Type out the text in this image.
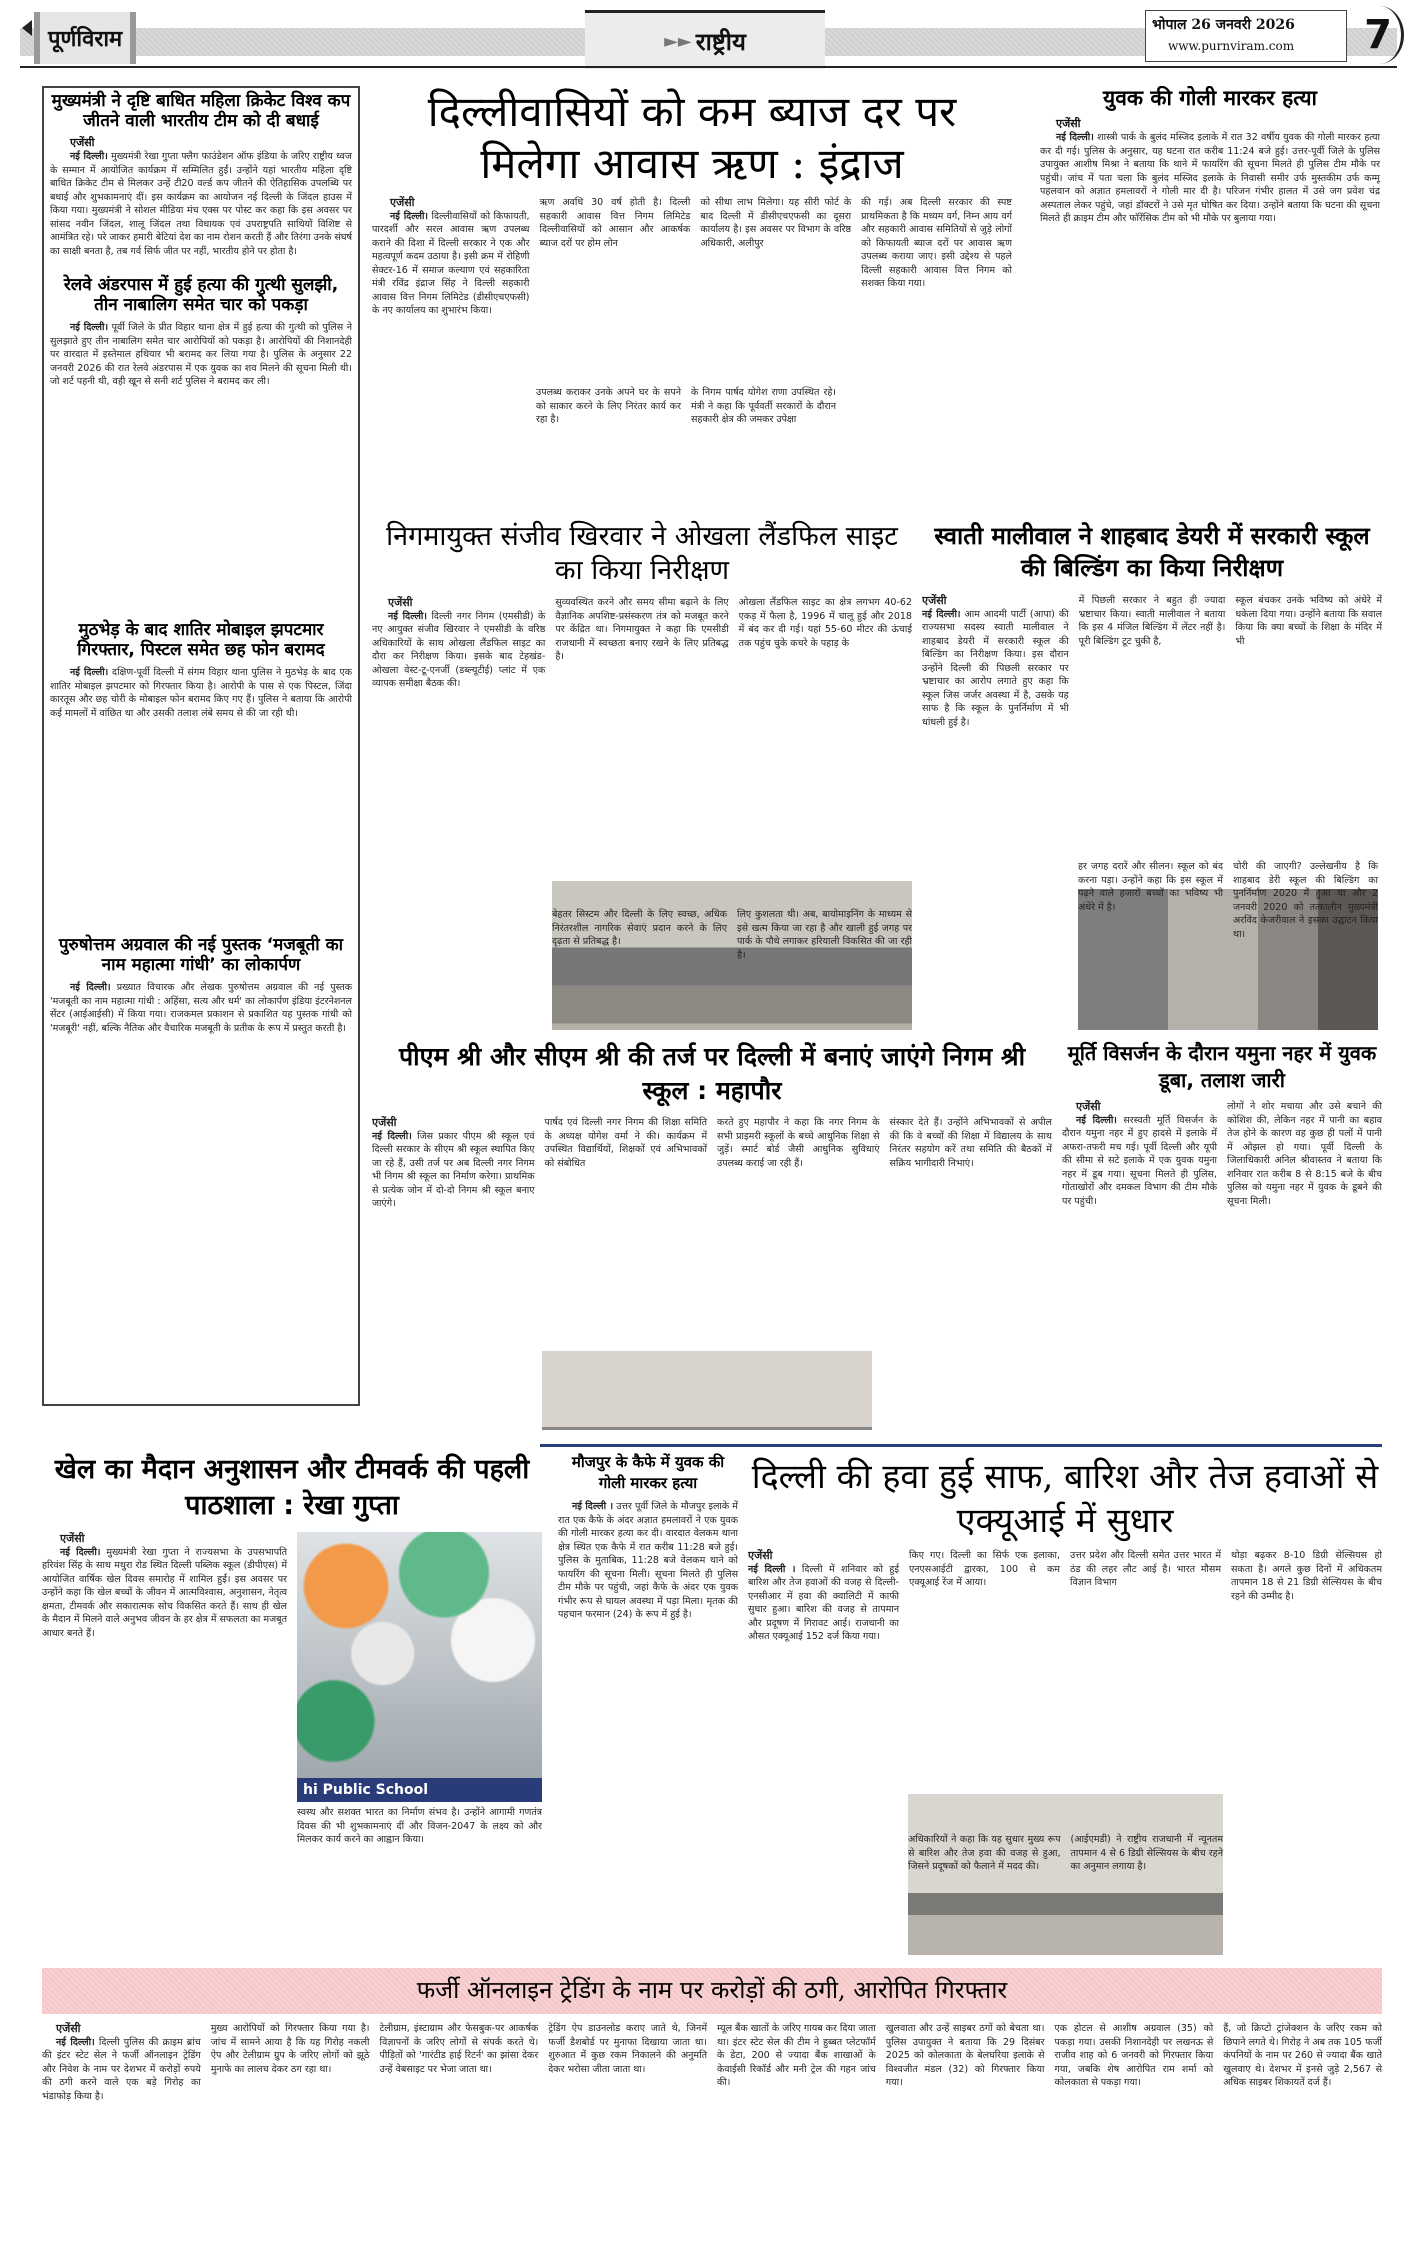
पूर्णविराम	►► राष्ट्रीय
भोपाल 26 जनवरी 2026
www.purnviram.com 7
मुख्यमंत्री ने दृष्टि बाधित महिला क्रिकेट विश्व कप जीतने वाली भारतीय टीम को दी बधाई
एजेंसी
नई दिल्ली। मुख्यमंत्री रेखा गुप्ता फ्लैग फाउंडेशन ऑफ इंडिया के जरिए राष्ट्रीय ध्वज के सम्मान में आयोजित कार्यक्रम में सम्मिलित हुईं। उन्होंने यहां भारतीय महिला दृष्टि बाधित क्रिकेट टीम से मिलकर उन्हें टी20 वर्ल्ड कप जीतने की ऐतिहासिक उपलब्धि पर बधाई और शुभकामनाएं दीं। इस कार्यक्रम का आयोजन नई दिल्ली के जिंदल हाउस में किया गया। मुख्यमंत्री ने सोशल मीडिया मंच एक्स पर पोस्ट कर कहा कि इस अवसर पर सांसद नवीन जिंदल, शालू जिंदल तथा विधायक एवं उपराष्ट्रपति साथियों विशिष्ट से आमंत्रित रहे। परे जाकर हमारी बेटियां देश का नाम रोशन करती हैं और तिरंगा उनके संघर्ष का साक्षी बनता है, तब गर्व सिर्फ जीत पर नहीं, भारतीय होने पर होता है।
रेलवे अंडरपास में हुई हत्या की गुत्थी सुलझी, तीन नाबालिग समेत चार को पकड़ा
नई दिल्ली। पूर्वी जिले के प्रीत विहार थाना क्षेत्र में हुई हत्या की गुत्थी को पुलिस ने सुलझाते हुए तीन नाबालिग समेत चार आरोपियों को पकड़ा है। आरोपियों की निशानदेही पर वारदात में इस्तेमाल हथियार भी बरामद कर लिया गया है। पुलिस के अनुसार 22 जनवरी 2026 की रात रेलवे अंडरपास में एक युवक का शव मिलने की सूचना मिली थी। जो शर्ट पहनी थी, वही खून से सनी शर्ट पुलिस ने बरामद कर ली।
मुठभेड़ के बाद शातिर मोबाइल झपटमार गिरफ्तार, पिस्टल समेत छह फोन बरामद
नई दिल्ली। दक्षिण-पूर्वी दिल्ली में संगम विहार थाना पुलिस ने मुठभेड़ के बाद एक शातिर मोबाइल झपटमार को गिरफ्तार किया है। आरोपी के पास से एक पिस्टल, जिंदा कारतूस और छह चोरी के मोबाइल फोन बरामद किए गए हैं। पुलिस ने बताया कि आरोपी कई मामलों में वांछित था और उसकी तलाश लंबे समय से की जा रही थी।
पुरुषोत्तम अग्रवाल की नई पुस्तक ‘मजबूती का नाम महात्मा गांधी’ का लोकार्पण
नई दिल्ली। प्रख्यात विचारक और लेखक पुरुषोत्तम अग्रवाल की नई पुस्तक 'मजबूती का नाम महात्मा गांधी : अहिंसा, सत्य और धर्म' का लोकार्पण इंडिया इंटरनेशनल सेंटर (आईआईसी) में किया गया। राजकमल प्रकाशन से प्रकाशित यह पुस्तक गांधी को 'मजबूरी' नहीं, बल्कि नैतिक और वैचारिक मजबूती के प्रतीक के रूप में प्रस्तुत करती है।
दिल्लीवासियों को कम ब्याज दर पर मिलेगा आवास ऋण : इंद्राज
एजेंसी
नई दिल्ली। दिल्लीवासियों को किफायती, पारदर्शी और सरल आवास ऋण उपलब्ध कराने की दिशा में दिल्ली सरकार ने एक और महत्वपूर्ण कदम उठाया है। इसी क्रम में रोहिणी सेक्टर-16 में समाज कल्याण एवं सहकारिता मंत्री रविंद्र इंद्राज सिंह ने दिल्ली सहकारी आवास वित्त निगम लिमिटेड (डीसीएचएफसी) के नए कार्यालय का शुभारंभ किया।
ऋण अवधि 30 वर्ष होती है। दिल्ली सहकारी आवास वित्त निगम लिमिटेड दिल्लीवासियों को आसान और आकर्षक ब्याज दरों पर होम लोन
को सीधा लाभ मिलेगा। यह सीरी फोर्ट के बाद दिल्ली में डीसीएचएफसी का दूसरा कार्यालय है। इस अवसर पर विभाग के वरिष्ठ अधिकारी, अलीपुर
की गई। अब दिल्ली सरकार की स्पष्ट प्राथमिकता है कि मध्यम वर्ग, निम्न आय वर्ग और सहकारी आवास समितियों से जुड़े लोगों को किफायती ब्याज दरों पर आवास ऋण उपलब्ध कराया जाए। इसी उद्देश्य से पहले दिल्ली सहकारी आवास वित्त निगम को सशक्त किया गया।
उपलब्ध कराकर उनके अपने घर के सपने को साकार करने के लिए निरंतर कार्य कर रहा है।
के निगम पार्षद योगेश राणा उपस्थित रहे। मंत्री ने कहा कि पूर्ववर्ती सरकारों के दौरान सहकारी क्षेत्र की जमकर उपेक्षा
युवक की गोली मारकर हत्या
एजेंसी
नई दिल्ली। शास्त्री पार्क के बुलंद मस्जिद इलाके में रात 32 वर्षीय युवक की गोली मारकर हत्या कर दी गई। पुलिस के अनुसार, यह घटना रात करीब 11:24 बजे हुई। उत्तर-पूर्वी जिले के पुलिस उपायुक्त आशीष मिश्रा ने बताया कि थाने में फायरिंग की सूचना मिलते ही पुलिस टीम मौके पर पहुंची। जांच में पता चला कि बुलंद मस्जिद इलाके के निवासी समीर उर्फ मुस्तकीम उर्फ कम्मू पहलवान को अज्ञात हमलावरों ने गोली मार दी है। परिजन गंभीर हालत में उसे जग प्रवेश चंद्र अस्पताल लेकर पहुंचे, जहां डॉक्टरों ने उसे मृत घोषित कर दिया। उन्होंने बताया कि घटना की सूचना मिलते ही क्राइम टीम और फॉरेंसिक टीम को भी मौके पर बुलाया गया।
निगमायुक्त संजीव खिरवार ने ओखला लैंडफिल साइट का किया निरीक्षण
एजेंसी
नई दिल्ली। दिल्ली नगर निगम (एमसीडी) के नए आयुक्त संजीव खिरवार ने एमसीडी के वरिष्ठ अधिकारियों के साथ ओखला लैंडफिल साइट का दौरा कर निरीक्षण किया। इसके बाद टेहखंड-ओखला वेस्ट-टू-एनर्जी (डब्ल्यूटीई) प्लांट में एक व्यापक समीक्षा बैठक की।
सुव्यवस्थित करने और समय सीमा बढ़ाने के लिए वैज्ञानिक अपशिष्ट-प्रसंस्करण तंत्र को मजबूत करने पर केंद्रित था। निगमायुक्त ने कहा कि एमसीडी राजधानी में स्वच्छता बनाए रखने के लिए प्रतिबद्ध है।
ओखला लैंडफिल साइट का क्षेत्र लगभग 40-62 एकड़ में फैला है, 1996 में चालू हुई और 2018 में बंद कर दी गई। यहां 55-60 मीटर की ऊंचाई तक पहुंच चुके कचरे के पहाड़ के
बेहतर सिस्टम और दिल्ली के लिए स्वच्छ, अधिक निरंतरशील नागरिक सेवाएं प्रदान करने के लिए दृढ़ता से प्रतिबद्ध है।
लिए कुशलता थी। अब, बायोमाइनिंग के माध्यम से इसे खत्म किया जा रहा है और खाली हुई जगह पर पार्क के पौधे लगाकर हरियाली विकसित की जा रही है।
स्वाती मालीवाल ने शाहबाद डेयरी में सरकारी स्कूल की बिल्डिंग का किया निरीक्षण
एजेंसी
नई दिल्ली। आम आदमी पार्टी (आपा) की राज्यसभा सदस्य स्वाती मालीवाल ने शाहबाद डेयरी में सरकारी स्कूल की बिल्डिंग का निरीक्षण किया। इस दौरान उन्होंने दिल्ली की पिछली सरकार पर भ्रष्टाचार का आरोप लगाते हुए कहा कि स्कूल जिस जर्जर अवस्था में है, उसके यह साफ है कि स्कूल के पुनर्निर्माण में भी धांधली हुई है।
में पिछली सरकार ने बहुत ही ज्यादा भ्रष्टाचार किया। स्वाती मालीवाल ने बताया कि इस 4 मंजिल बिल्डिंग में लेंटर नहीं है। पूरी बिल्डिंग टूट चुकी है,
स्कूल बंचकर उनके भविष्य को अंधेरे में धकेला दिया गया। उन्होंने बताया कि सवाल किया कि क्या बच्चों के शिक्षा के मंदिर में भी
हर जगह दरारें और सीलन। स्कूल को बंद करना पड़ा। उन्होंने कहा कि इस स्कूल में पढ़ने वाले हजारों बच्चों का भविष्य भी अंधेरे में है।
चोरी की जाएगी? उल्लेखनीय है कि शाहबाद डेरी स्कूल की बिल्डिंग का पुनर्निर्माण 2020 में हुआ था और 2 जनवरी 2020 को तत्कालीन मुख्यमंत्री अरविंद केजरीवाल ने इसका उद्घाटन किया था।
पीएम श्री और सीएम श्री की तर्ज पर दिल्ली में बनाएं जाएंगे निगम श्री स्कूल : महापौर
एजेंसी
नई दिल्ली। जिस प्रकार पीएम श्री स्कूल एवं दिल्ली सरकार के सीएम श्री स्कूल स्थापित किए जा रहे हैं, उसी तर्ज पर अब दिल्ली नगर निगम भी निगम श्री स्कूल का निर्माण करेगा। प्राथमिक से प्रत्येक जोन में दो-दो निगम श्री स्कूल बनाए जाएंगे।
पार्षद एवं दिल्ली नगर निगम की शिक्षा समिति के अध्यक्ष योगेश वर्मा ने की। कार्यक्रम में उपस्थित विद्यार्थियों, शिक्षकों एवं अभिभावकों को संबोधित
करते हुए महापौर ने कहा कि नगर निगम के सभी प्राइमरी स्कूलों के बच्चे आधुनिक शिक्षा से जुड़ें। स्मार्ट बोर्ड जैसी आधुनिक सुविधाएं उपलब्ध कराई जा रही हैं।
संस्कार देते हैं। उन्होंने अभिभावकों से अपील की कि वे बच्चों की शिक्षा में विद्यालय के साथ निरंतर सहयोग करें तथा समिति की बैठकों में सक्रिय भागीदारी निभाएं।
मूर्ति विसर्जन के दौरान यमुना नहर में युवक डूबा, तलाश जारी
एजेंसी
नई दिल्ली। सरस्वती मूर्ति विसर्जन के दौरान यमुना नहर में हुए हादसे में इलाके में अफरा-तफरी मच गई। पूर्वी दिल्ली और यूपी की सीमा से सटे इलाके में एक युवक यमुना नहर में डूब गया। सूचना मिलते ही पुलिस, गोताखोरों और दमकल विभाग की टीम मौके पर पहुंची।
लोगों ने शोर मचाया और उसे बचाने की कोशिश की, लेकिन नहर में पानी का बहाव तेज होने के कारण वह कुछ ही पलों में पानी में ओझल हो गया। पूर्वी दिल्ली के जिलाधिकारी अनिल श्रीवास्तव ने बताया कि शनिवार रात करीब 8 से 8:15 बजे के बीच पुलिस को यमुना नहर में युवक के डूबने की सूचना मिली।
खेल का मैदान अनुशासन और टीमवर्क की पहली पाठशाला : रेखा गुप्ता
एजेंसी
नई दिल्ली। मुख्यमंत्री रेखा गुप्ता ने राज्यसभा के उपसभापति हरिवंश सिंह के साथ मथुरा रोड स्थित दिल्ली पब्लिक स्कूल (डीपीएस) में आयोजित वार्षिक खेल दिवस समारोह में शामिल हुईं। इस अवसर पर उन्होंने कहा कि खेल बच्चों के जीवन में आत्मविश्वास, अनुशासन, नेतृत्व क्षमता, टीमवर्क और सकारात्मक सोच विकसित करते हैं। साथ ही खेल के मैदान में मिलने वाले अनुभव जीवन के हर क्षेत्र में सफलता का मजबूत आधार बनते हैं।
hi Public School
स्वस्थ और सशक्त भारत का निर्माण संभव है। उन्होंने आगामी गणतंत्र दिवस की भी शुभकामनाएं दीं और विजन-2047 के लक्ष्य को और मिलकर कार्य करने का आह्वान किया।
मौजपुर के कैफे में युवक की गोली मारकर हत्या
नई दिल्ली । उत्तर पूर्वी जिले के मौजपुर इलाके में रात एक कैफे के अंदर अज्ञात हमलावरों ने एक युवक की गोली मारकर हत्या कर दी। वारदात वेलकम थाना क्षेत्र स्थित एक कैफे में रात करीब 11:28 बजे हुई। पुलिस के मुताबिक, 11:28 बजे वेलकम थाने को फायरिंग की सूचना मिली। सूचना मिलते ही पुलिस टीम मौके पर पहुंची, जहां कैफे के अंदर एक युवक गंभीर रूप से घायल अवस्था में पड़ा मिला। मृतक की पहचान फरमान (24) के रूप में हुई है।
दिल्ली की हवा हुई साफ, बारिश और तेज हवाओं से एक्यूआई में सुधार
एजेंसी
नई दिल्ली । दिल्ली में शनिवार को हुई बारिश और तेज हवाओं की वजह से दिल्ली-एनसीआर में हवा की क्वालिटी में काफी सुधार हुआ। बारिश की वजह से तापमान और प्रदूषण में गिरावट आई। राजधानी का औसत एक्यूआई 152 दर्ज किया गया।
किए गए। दिल्ली का सिर्फ एक इलाका, एनएसआईटी द्वारका, 100 से कम एक्यूआई रेंज में आया।
उत्तर प्रदेश और दिल्ली समेत उत्तर भारत में ठंड की लहर लौट आई है। भारत मौसम विज्ञान विभाग
थोड़ा बढ़कर 8-10 डिग्री सेल्सियस हो सकता है। अगले कुछ दिनों में अधिकतम तापमान 18 से 21 डिग्री सेल्सियस के बीच रहने की उम्मीद है।
अधिकारियों ने कहा कि यह सुधार मुख्य रूप से बारिश और तेज हवा की वजह से हुआ, जिसने प्रदूषकों को फैलाने में मदद की।
(आईएमडी) ने राष्ट्रीय राजधानी में न्यूनतम तापमान 4 से 6 डिग्री सेल्सियस के बीच रहने का अनुमान लगाया है।
फर्जी ऑनलाइन ट्रेडिंग के नाम पर करोड़ों की ठगी, आरोपित गिरफ्तार
एजेंसी
नई दिल्ली। दिल्ली पुलिस की क्राइम ब्रांच की इंटर स्टेट सेल ने फर्जी ऑनलाइन ट्रेडिंग और निवेश के नाम पर देशभर में करोड़ों रुपये की ठगी करने वाले एक बड़े गिरोह का भंडाफोड़ किया है।
मुख्य आरोपियों को गिरफ्तार किया गया है। जांच में सामने आया है कि यह गिरोह नकली ऐप और टेलीग्राम ग्रुप के जरिए लोगों को झूठे मुनाफे का लालच देकर ठग रहा था।
टेलीग्राम, इंस्टाग्राम और फेसबुक-पर आकर्षक विज्ञापनों के जरिए लोगों से संपर्क करते थे। पीड़ितों को 'गारंटीड हाई रिटर्न' का झांसा देकर उन्हें वेबसाइट पर भेजा जाता था।
ट्रेडिंग ऐप डाउनलोड कराए जाते थे, जिनमें फर्जी डैशबोर्ड पर मुनाफा दिखाया जाता था। शुरुआत में कुछ रकम निकालने की अनुमति देकर भरोसा जीता जाता था।
म्यूल बैंक खातों के जरिए गायब कर दिया जाता था। इंटर स्टेट सेल की टीम ने हुब्बत प्लेटफॉर्म के डेटा, 200 से ज्यादा बैंक शाखाओं के केवाईसी रिकॉर्ड और मनी ट्रेल की गहन जांच की।
खुलवाता और उन्हें साइबर ठगों को बेचता था। पुलिस उपायुक्त ने बताया कि 29 दिसंबर 2025 को कोलकाता के बेलघरिया इलाके से विश्वजीत मंडल (32) को गिरफ्तार किया गया।
एक होटल से आशीष अग्रवाल (35) को पकड़ा गया। उसकी निशानदेही पर लखनऊ से राजीव शाह को 6 जनवरी को गिरफ्तार किया गया, जबकि शेष आरोपित राम शर्मा को कोलकाता से पकड़ा गया।
हैं, जो क्रिप्टो ट्रांजेक्शन के जरिए रकम को छिपाने लगते थे। गिरोह ने अब तक 105 फर्जी कंपनियों के नाम पर 260 से ज्यादा बैंक खाते खुलवाए थे। देशभर में इनसे जुड़े 2,567 से अधिक साइबर शिकायतें दर्ज हैं।
